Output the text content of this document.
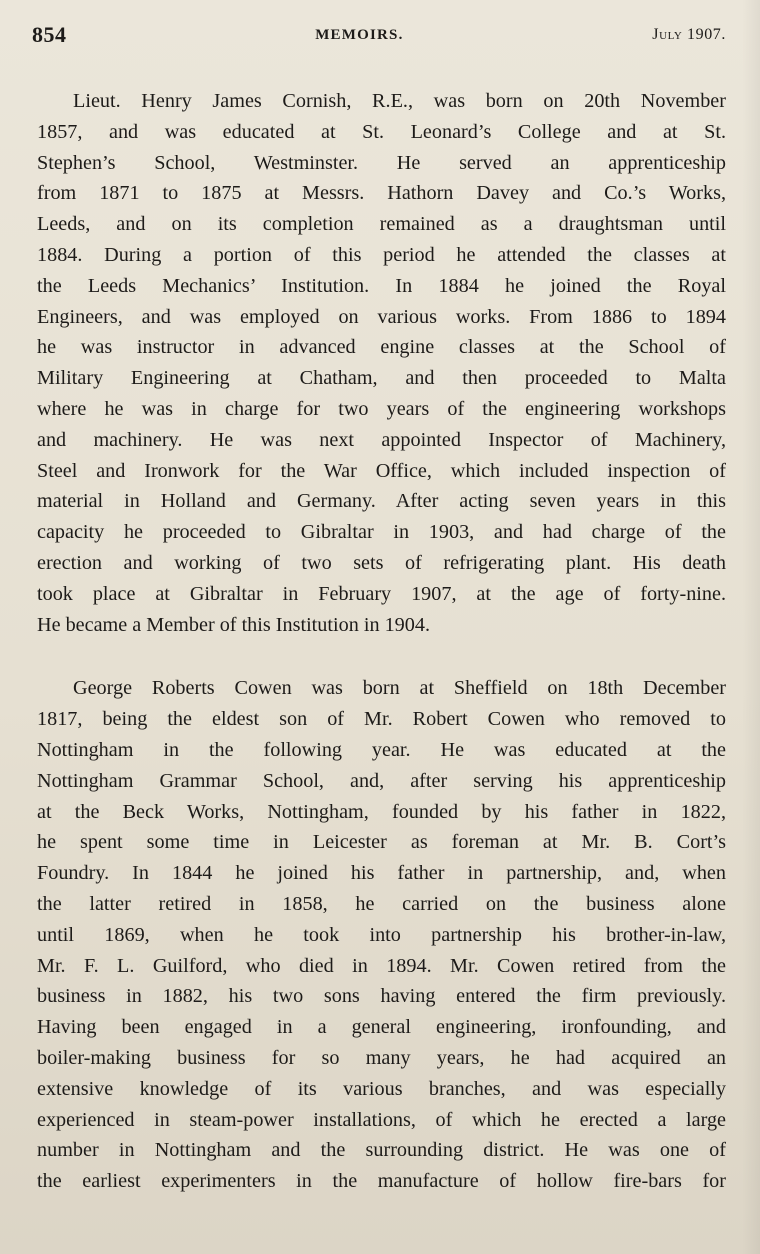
854	MEMOIRS.	July 1907.

Lieut. Henry James Cornish, R.E., was born on 20th November
1857, and was educated at St. Leonard’s College and at St.
Stephen’s School, Westminster. He served an apprenticeship
from 1871 to 1875 at Messrs. Hathorn Davey and Co.’s Works,
Leeds, and on its completion remained as a draughtsman until
1884. During a portion of this period he attended the classes at
the Leeds Mechanics’ Institution. In 1884 he joined the Royal
Engineers, and was employed on various works. From 1886 to 1894
he was instructor in advanced engine classes at the School of
Military Engineering at Chatham, and then proceeded to Malta
where he was in charge for two years of the engineering workshops
and machinery. He was next appointed Inspector of Machinery,
Steel and Ironwork for the War Office, which included inspection of
material in Holland and Germany. After acting seven years in this
capacity he proceeded to Gibraltar in 1903, and had charge of the
erection and working of two sets of refrigerating plant. His death
took place at Gibraltar in February 1907, at the age of forty-nine.
He became a Member of this Institution in 1904.

George Roberts Cowen was born at Sheffield on 18th December
1817, being the eldest son of Mr. Robert Cowen who removed to
Nottingham in the following year. He was educated at the
Nottingham Grammar School, and, after serving his apprenticeship
at the Beck Works, Nottingham, founded by his father in 1822,
he spent some time in Leicester as foreman at Mr. B. Cort’s
Foundry. In 1844 he joined his father in partnership, and, when
the latter retired in 1858, he carried on the business alone
until 1869, when he took into partnership his brother-in-law,
Mr. F. L. Guilford, who died in 1894. Mr. Cowen retired from the
business in 1882, his two sons having entered the firm previously.
Having been engaged in a general engineering, ironfounding, and
boiler-making business for so many years, he had acquired an
extensive knowledge of its various branches, and was especially
experienced in steam-power installations, of which he erected a large
number in Nottingham and the surrounding district. He was one of
the earliest experimenters in the manufacture of hollow fire-bars for
